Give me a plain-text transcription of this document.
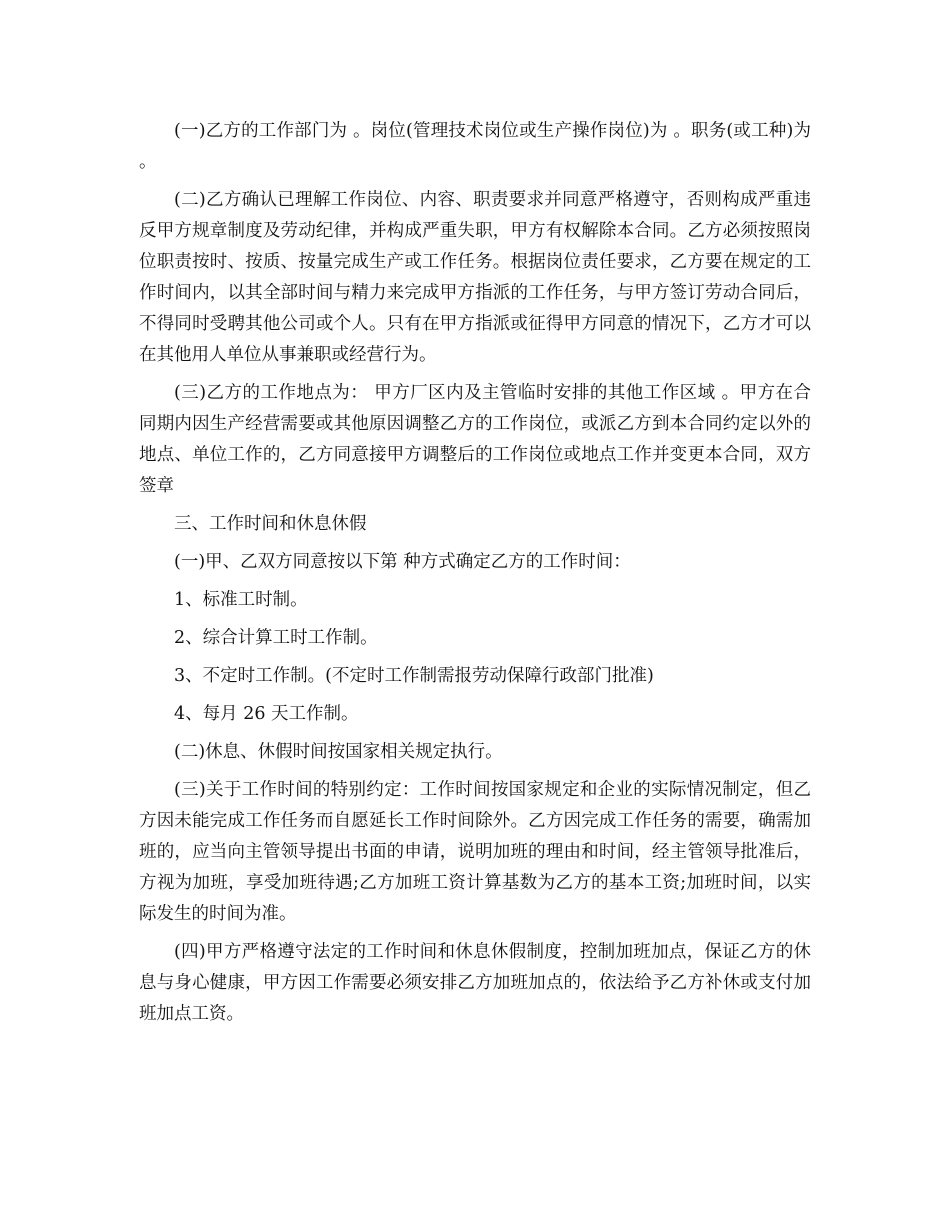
(一)乙方的工作部门为 。岗位(管理技术岗位或生产操作岗位)为 。职务(或工种)为 。

(二)乙方确认已理解工作岗位、内容、职责要求并同意严格遵守，否则构成严重违反甲方规章制度及劳动纪律，并构成严重失职，甲方有权解除本合同。乙方必须按照岗位职责按时、按质、按量完成生产或工作任务。根据岗位责任要求，乙方要在规定的工作时间内，以其全部时间与精力来完成甲方指派的工作任务，与甲方签订劳动合同后，不得同时受聘其他公司或个人。只有在甲方指派或征得甲方同意的情况下，乙方才可以在其他用人单位从事兼职或经营行为。

(三)乙方的工作地点为： 甲方厂区内及主管临时安排的其他工作区域 。甲方在合同期内因生产经营需要或其他原因调整乙方的工作岗位，或派乙方到本合同约定以外的地点、单位工作的，乙方同意接甲方调整后的工作岗位或地点工作并变更本合同，双方签章

三、工作时间和休息休假

(一)甲、乙双方同意按以下第 种方式确定乙方的工作时间：

1、标准工时制。

2、综合计算工时工作制。

3、不定时工作制。(不定时工作制需报劳动保障行政部门批准)

4、每月 26 天工作制。

(二)休息、休假时间按国家相关规定执行。

(三)关于工作时间的特别约定：工作时间按国家规定和企业的实际情况制定，但乙方因未能完成工作任务而自愿延长工作时间除外。乙方因完成工作任务的需要，确需加班的，应当向主管领导提出书面的申请，说明加班的理由和时间，经主管领导批准后，方视为加班，享受加班待遇;乙方加班工资计算基数为乙方的基本工资;加班时间，以实际发生的时间为准。

(四)甲方严格遵守法定的工作时间和休息休假制度，控制加班加点，保证乙方的休息与身心健康，甲方因工作需要必须安排乙方加班加点的，依法给予乙方补休或支付加班加点工资。
